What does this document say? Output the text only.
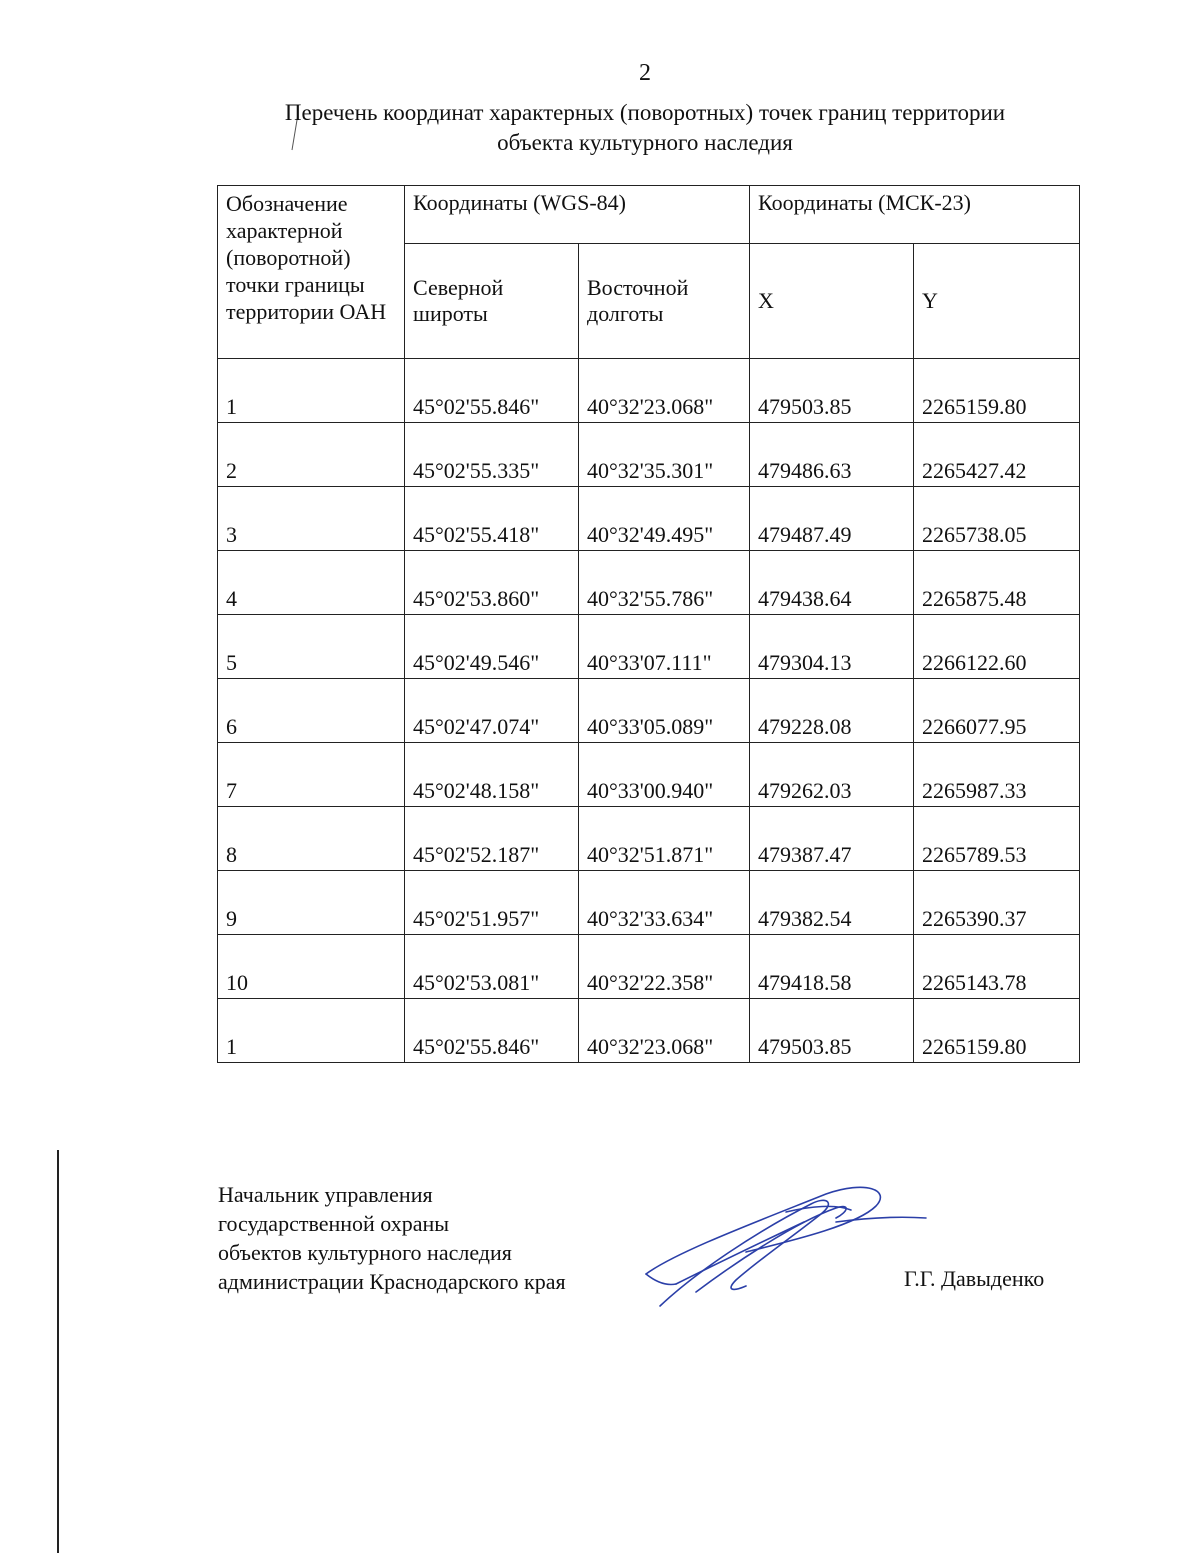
2
Перечень координат характерных (поворотных) точек границ территории
объекта культурного наследия
Обозначение характерной (поворотной) точки границы территории ОАН	Координаты (WGS-84)		Координаты (МСК-23)	
	Северной широты	Восточной долготы	X	Y
1	45°02'55.846"	40°32'23.068"	479503.85	2265159.80
2	45°02'55.335"	40°32'35.301"	479486.63	2265427.42
3	45°02'55.418"	40°32'49.495"	479487.49	2265738.05
4	45°02'53.860"	40°32'55.786"	479438.64	2265875.48
5	45°02'49.546"	40°33'07.111"	479304.13	2266122.60
6	45°02'47.074"	40°33'05.089"	479228.08	2266077.95
7	45°02'48.158"	40°33'00.940"	479262.03	2265987.33
8	45°02'52.187"	40°32'51.871"	479387.47	2265789.53
9	45°02'51.957"	40°32'33.634"	479382.54	2265390.37
10	45°02'53.081"	40°32'22.358"	479418.58	2265143.78
1	45°02'55.846"	40°32'23.068"	479503.85	2265159.80
Начальник управления
государственной охраны
объектов культурного наследия
администрации Краснодарского края	Г.Г. Давыденко
